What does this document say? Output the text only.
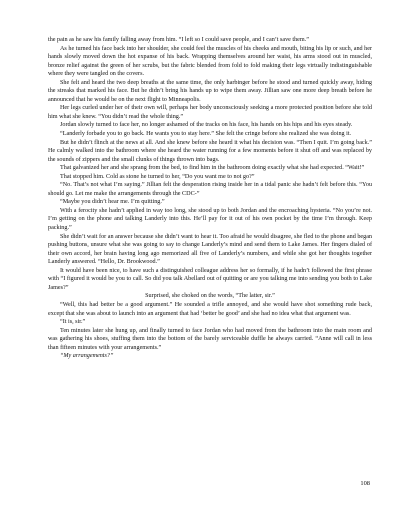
the pain as he saw his family falling away from him. “I left so I could save people, and I can’t save them.”

As he turned his face back into her shoulder, she could feel the muscles of his cheeks and mouth, biting his lip or such, and her hands slowly moved down the hot expanse of his back. Wrapping themselves around her waist, his arms stood out in muscled, bronze relief against the green of her scrubs, but the fabric blended from fold to fold making their legs virtually indistinguishable where they were tangled on the covers.

She felt and heard the two deep breaths at the same time, the only harbinger before he stood and turned quickly away, hiding the streaks that marked his face. But he didn’t bring his hands up to wipe them away. Jillian saw one more deep breath before he announced that he would be on the next flight to Minneapolis.

Her legs curled under her of their own will, perhaps her body unconsciously seeking a more protected position before she told him what she knew. “You didn’t read the whole thing.”

Jordan slowly turned to face her, no longer ashamed of the tracks on his face, his hands on his hips and his eyes steady.

“Landerly forbade you to go back. He wants you to stay here.” She felt the cringe before she realized she was doing it.

But he didn’t flinch at the news at all. And she knew before she heard it what his decision was. “Then I quit. I’m going back.” He calmly walked into the bathroom where she heard the water running for a few moments before it shut off and was replaced by the sounds of zippers and the small clunks of things thrown into bags.

That galvanized her and she sprang from the bed, to find him in the bathroom doing exactly what she had expected. “Wait!”

That stopped him. Cold as stone he turned to her, “Do you want me to not go?”

“No. That’s not what I’m saying.” Jillian felt the desperation rising inside her in a tidal panic she hadn’t felt before this. “You should go. Let me make the arrangements through the CDC-”

“Maybe you didn’t hear me. I’m quitting.”

With a ferocity she hadn’t applied in way too long, she stood up to both Jordan and the encroaching hysteria. “No you’re not. I’m getting on the phone and talking Landerly into this. He’ll pay for it out of his own pocket by the time I’m through. Keep packing.”

She didn’t wait for an answer because she didn’t want to hear it. Too afraid he would disagree, she fled to the phone and began pushing buttons, unsure what she was going to say to change Landerly’s mind and send them to Lake James. Her fingers dialed of their own accord, her brain having long ago memorized all five of Landerly’s numbers, and while she got her thoughts together Landerly answered. “Hello, Dr. Brookwood.”

It would have been nice, to have such a distinguished colleague address her so formally, if he hadn’t followed the first phrase with “I figured it would be you to call. So did you talk Abellard out of quitting or are you talking me into sending you both to Lake James?”

Surprised, she choked on the words, “The latter, sir.”

“Well, this had better be a good argument.” He sounded a trifle annoyed, and she would have shot something rude back, except that she was about to launch into an argument that had ‘better be good’ and she had no idea what that argument was.

“It is, sir.”

Ten minutes later she hung up, and finally turned to face Jordan who had moved from the bathroom into the main room and was gathering his shoes, stuffing them into the bottom of the barely serviceable duffle he always carried. “Anne will call in less than fifteen minutes with your arrangements.”

“My arrangements?”

108
